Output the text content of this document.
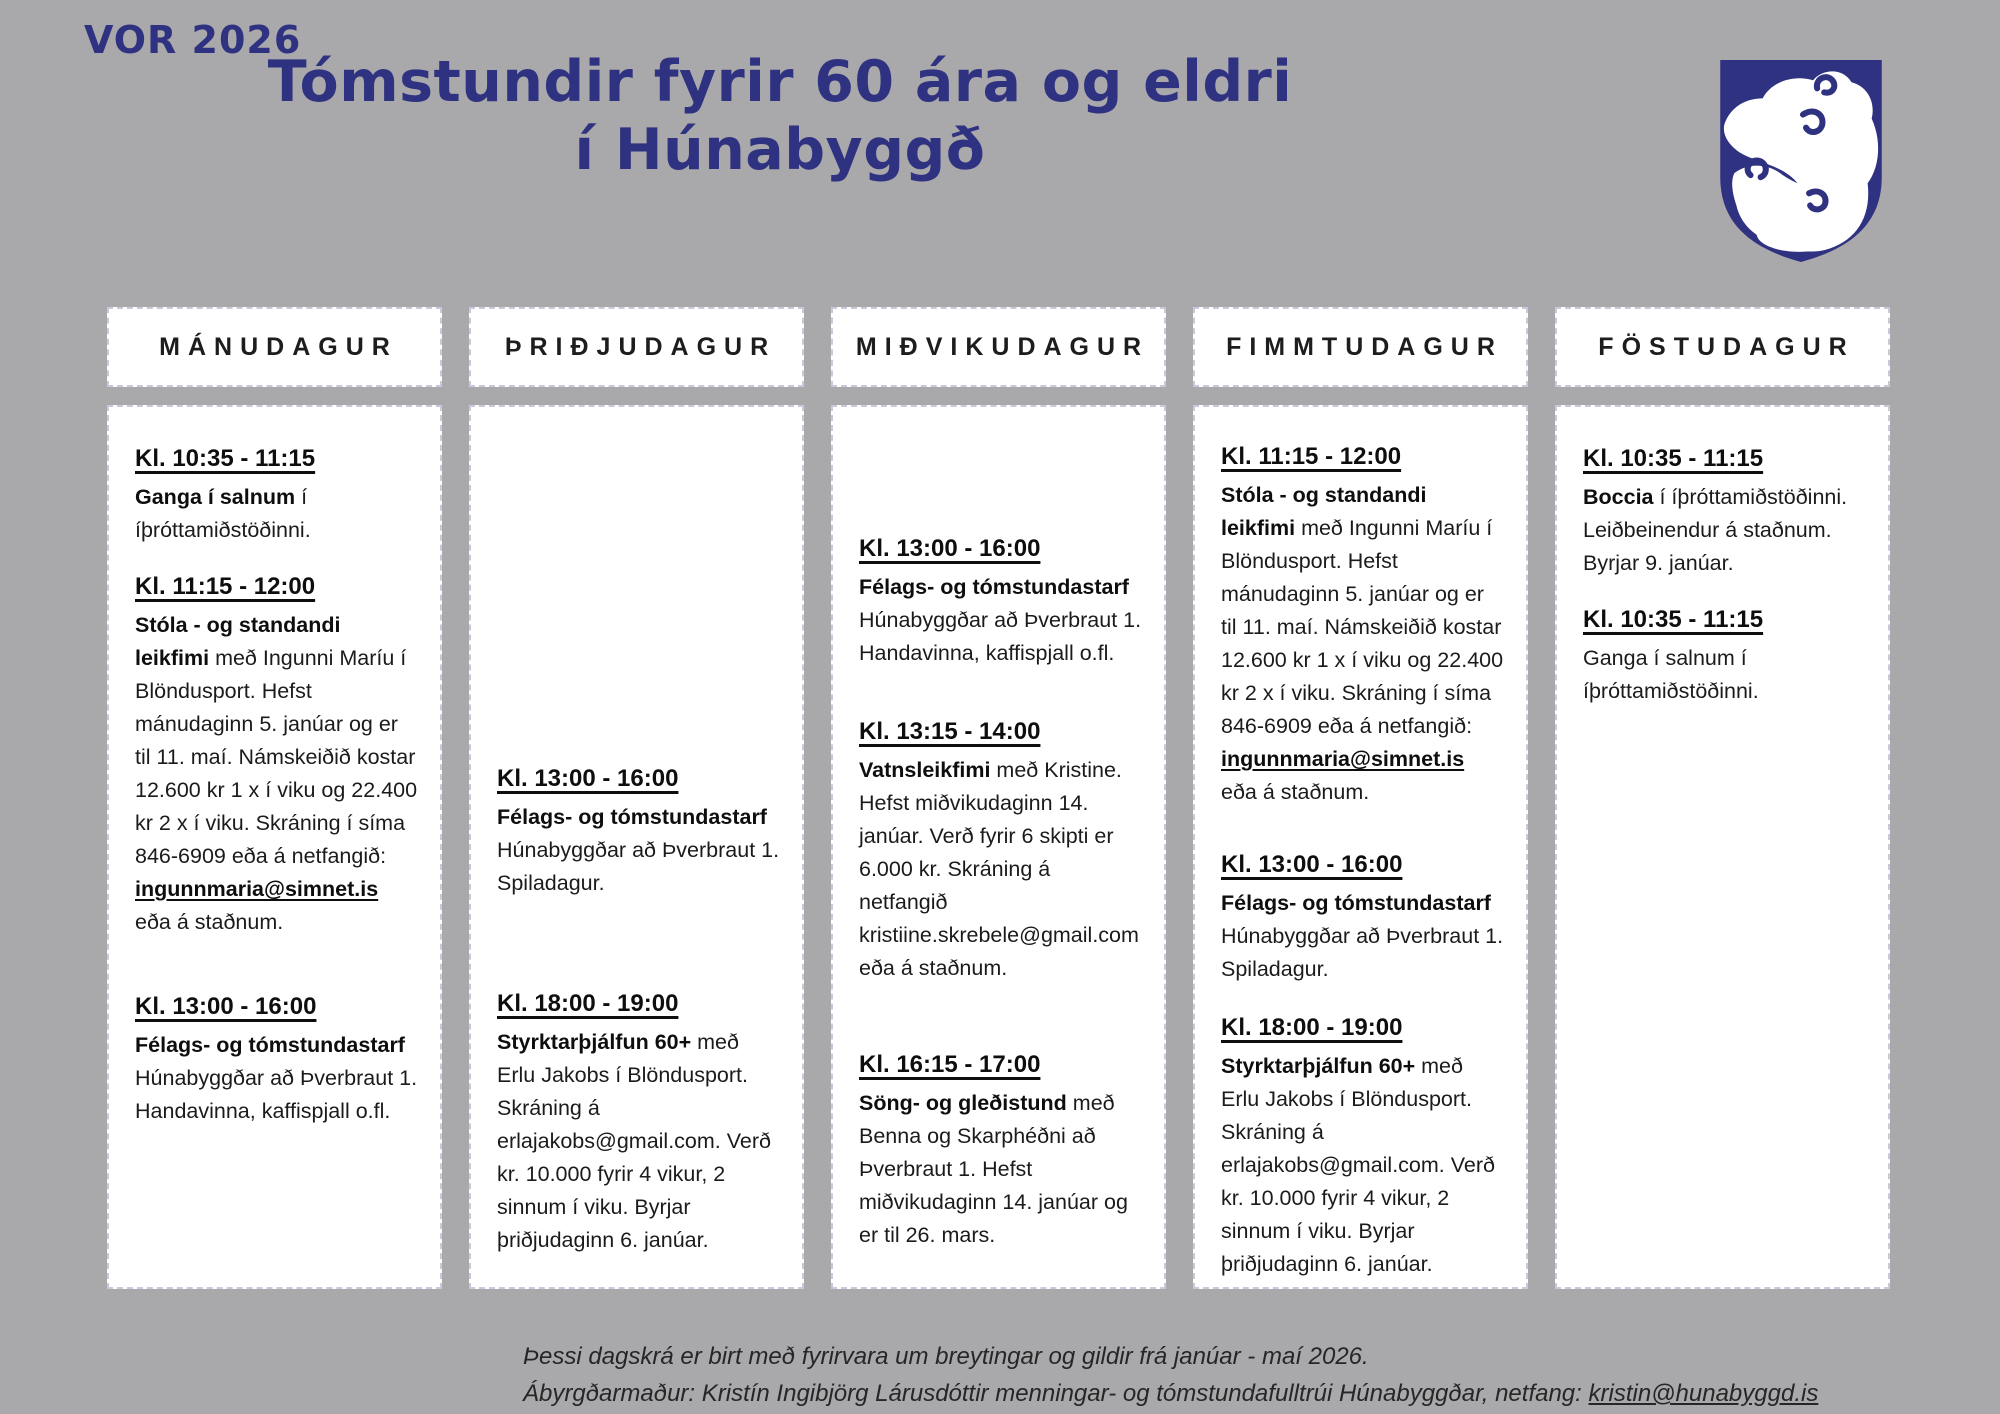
VOR 2026
Tómstundir fyrir 60 ára og eldri
í Húnabyggð
MÁNUDAGUR
Kl. 10:35 - 11:15
Ganga í salnum í íþróttamiðstöðinni.
Kl. 11:15 - 12:00
Stóla - og standandi leikfimi með Ingunni Maríu í Blöndusport. Hefst mánudaginn 5. janúar og er til 11. maí. Námskeiðið kostar 12.600 kr 1 x í viku og 22.400 kr 2 x í viku. Skráning í síma 846-6909 eða á netfangið: ingunnmaria@simnet.is eða á staðnum.
Kl. 13:00 - 16:00
Félags- og tómstundastarf Húnabyggðar að Þverbraut 1. Handavinna, kaffispjall o.fl.
ÞRIÐJUDAGUR
Kl. 13:00 - 16:00
Félags- og tómstundastarf Húnabyggðar að Þverbraut 1. Spiladagur.
Kl. 18:00 - 19:00
Styrktarþjálfun 60+ með Erlu Jakobs í Blöndusport. Skráning á erlajakobs@gmail.com. Verð kr. 10.000 fyrir 4 vikur, 2 sinnum í viku. Byrjar þriðjudaginn 6. janúar.
MIÐVIKUDAGUR
Kl. 13:00 - 16:00
Félags- og tómstundastarf Húnabyggðar að Þverbraut 1. Handavinna, kaffispjall o.fl.
Kl. 13:15 - 14:00
Vatnsleikfimi með Kristine. Hefst miðvikudaginn 14. janúar. Verð fyrir 6 skipti er 6.000 kr. Skráning á netfangið kristiine.skrebele@gmail.com eða á staðnum.
Kl. 16:15 - 17:00
Söng- og gleðistund með Benna og Skarphéðni að Þverbraut 1. Hefst miðvikudaginn 14. janúar og er til 26. mars.
FIMMTUDAGUR
Kl. 11:15 - 12:00
Stóla - og standandi leikfimi með Ingunni Maríu í Blöndusport. Hefst mánudaginn 5. janúar og er til 11. maí. Námskeiðið kostar 12.600 kr 1 x í viku og 22.400 kr 2 x í viku. Skráning í síma 846-6909 eða á netfangið: ingunnmaria@simnet.is eða á staðnum.
Kl. 13:00 - 16:00
Félags- og tómstundastarf Húnabyggðar að Þverbraut 1. Spiladagur.
Kl. 18:00 - 19:00
Styrktarþjálfun 60+ með Erlu Jakobs í Blöndusport. Skráning á erlajakobs@gmail.com. Verð kr. 10.000 fyrir 4 vikur, 2 sinnum í viku. Byrjar þriðjudaginn 6. janúar.
FÖSTUDAGUR
Kl. 10:35 - 11:15
Boccia í íþróttamiðstöðinni. Leiðbeinendur á staðnum. Byrjar 9. janúar.
Kl. 10:35 - 11:15
Ganga í salnum í íþróttamiðstöðinni.
Þessi dagskrá er birt með fyrirvara um breytingar og gildir frá janúar - maí 2026.
Ábyrgðarmaður: Kristín Ingibjörg Lárusdóttir menningar- og tómstundafulltrúi Húnabyggðar, netfang: kristin@hunabyggd.is
